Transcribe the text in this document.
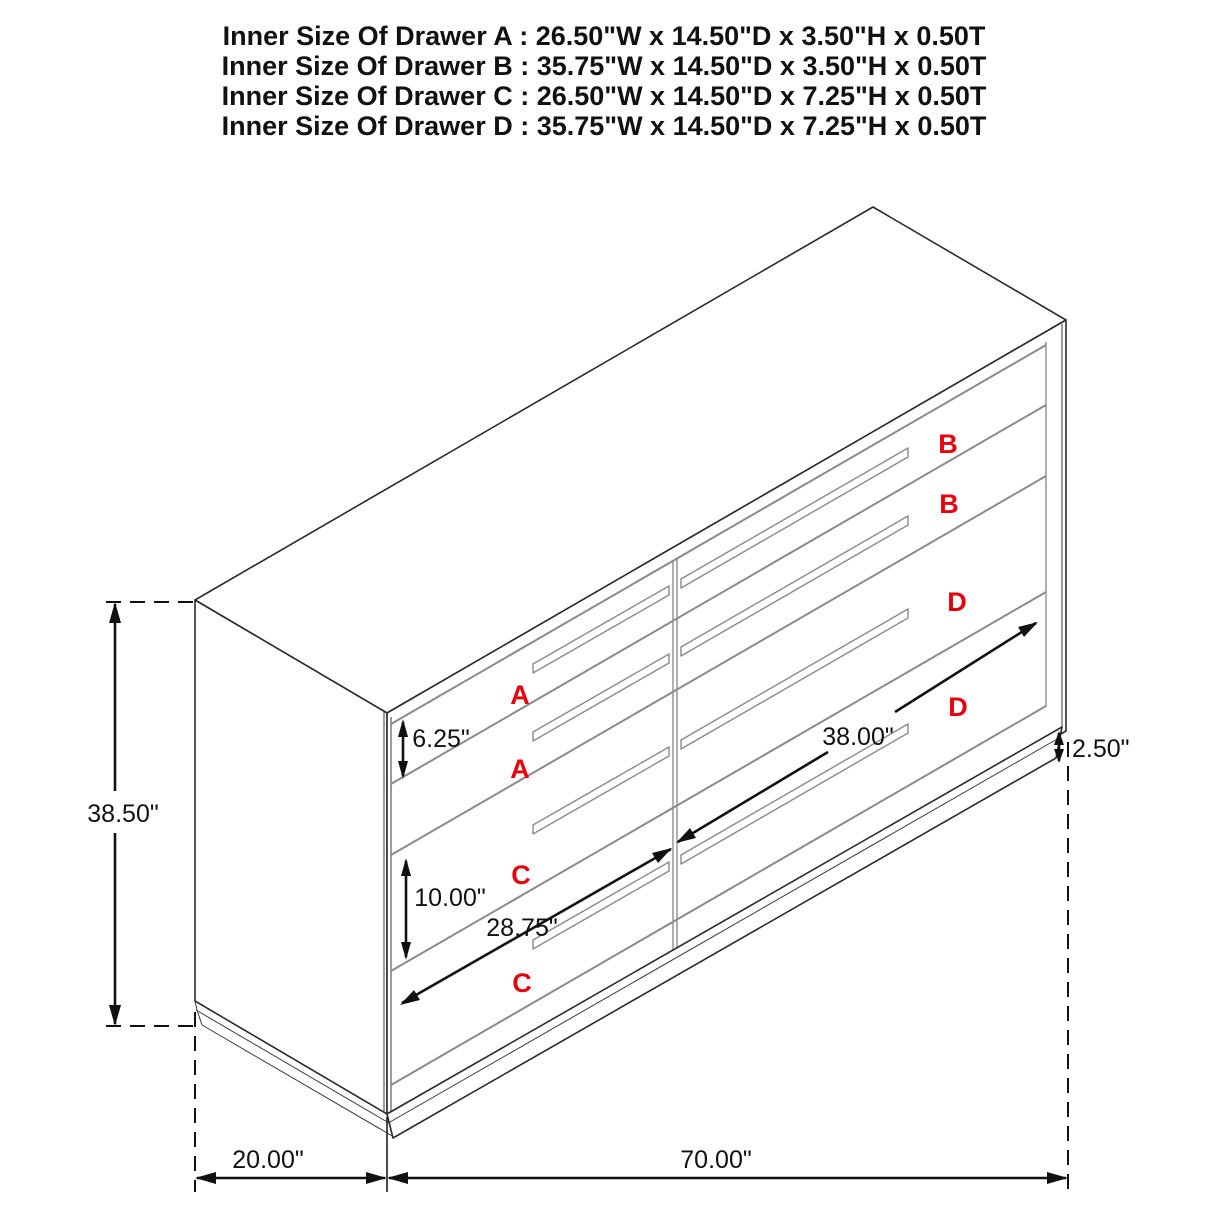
Inner Size Of Drawer A : 26.50"W x 14.50"D x 3.50"H x 0.50T
Inner Size Of Drawer B : 35.75"W x 14.50"D x 3.50"H x 0.50T
Inner Size Of Drawer C : 26.50"W x 14.50"D x 7.25"H x 0.50T
Inner Size Of Drawer D : 35.75"W x 14.50"D x 7.25"H x 0.50T
A
A
B
B
C
C
D
D
38.50"
20.00"	70.00"
2.50"
6.25"
10.00"
28.75"
38.00"
